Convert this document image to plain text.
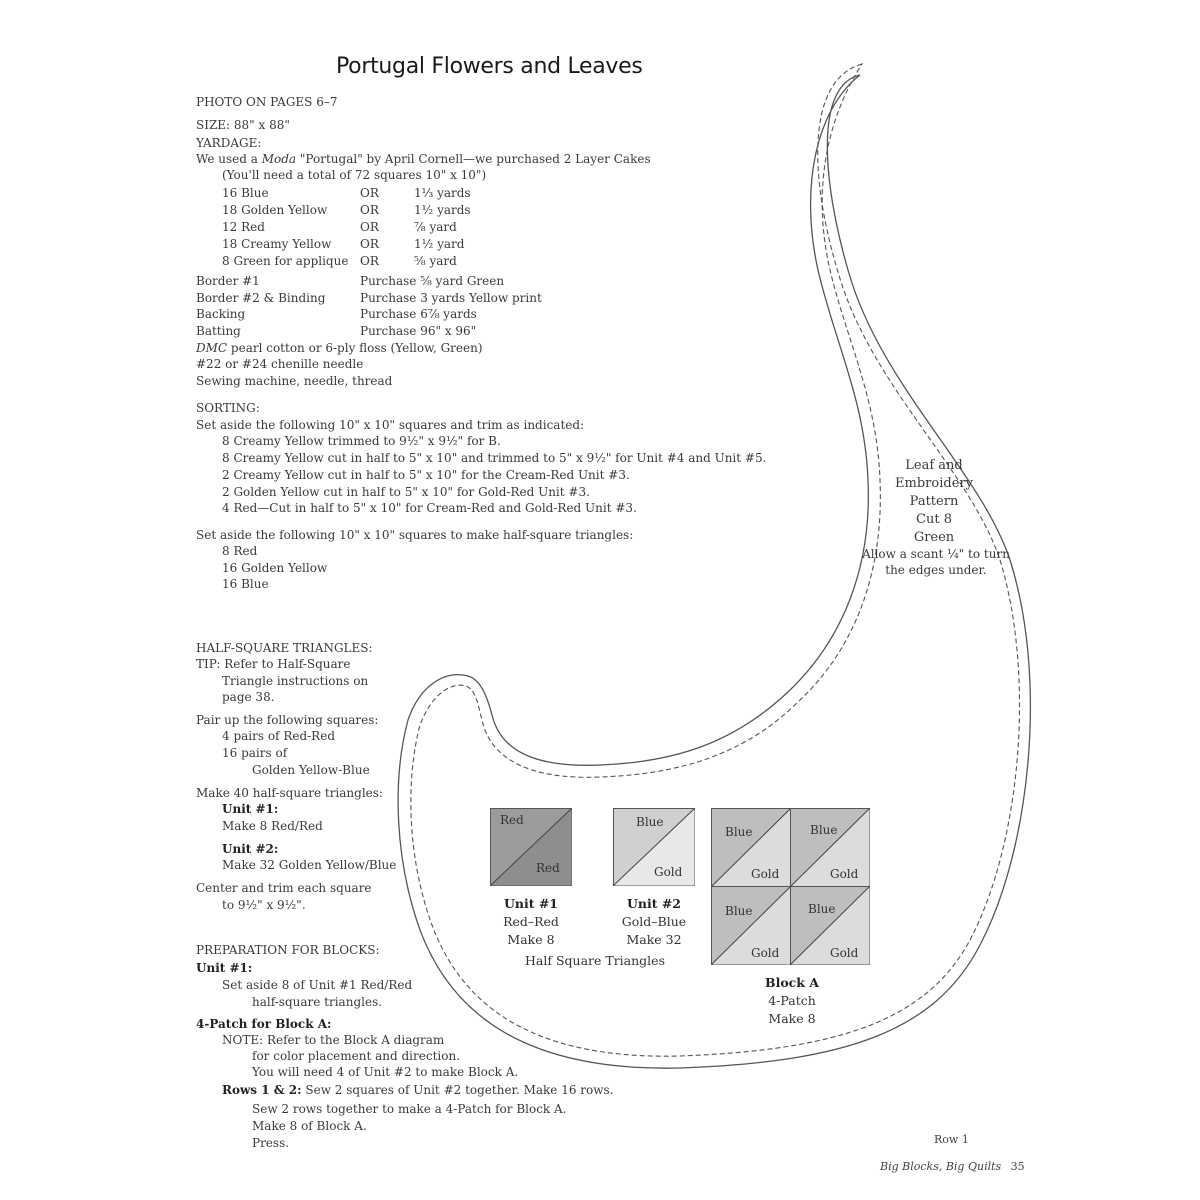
Portugal Flowers and Leaves
PHOTO ON PAGES 6–7
SIZE: 88" x 88"
YARDAGE:
We used a Moda "Portugal" by April Cornell—we purchased 2 Layer Cakes
(You'll need a total of 72 squares 10" x 10")
16 Blue	OR	1⅓ yards
18 Golden Yellow	OR	1½ yards
12 Red	OR	⅞ yard
18 Creamy Yellow OR	1½ yard
8 Green for applique OR	⅝ yard
Border #1	Purchase ⅝ yard Green
Border #2 & Binding	Purchase 3 yards Yellow print
Backing	Purchase 6⅞ yards
Batting	Purchase 96" x 96"
DMC pearl cotton or 6-ply floss (Yellow, Green)
#22 or #24 chenille needle
Sewing machine, needle, thread
SORTING:
Set aside the following 10" x 10" squares and trim as indicated:
8 Creamy Yellow trimmed to 9½" x 9½" for B.
8 Creamy Yellow cut in half to 5" x 10" and trimmed to 5" x 9½" for Unit #4 and Unit #5.
2 Creamy Yellow cut in half to 5" x 10" for the Cream-Red Unit #3.
2 Golden Yellow cut in half to 5" x 10" for Gold-Red Unit #3.
4 Red—Cut in half to 5" x 10" for Cream-Red and Gold-Red Unit #3.
Set aside the following 10" x 10" squares to make half-square triangles:
8 Red
16 Golden Yellow
16 Blue
Leaf and Embroidery
Pattern
Cut 8
Green
Allow a scant ¼" to turn
the edges under.
HALF-SQUARE TRIANGLES:
TIP: Refer to Half-Square
Triangle instructions on
page 38.
Pair up the following squares:
4 pairs of Red-Red
16 pairs of
Golden Yellow-Blue
Make 40 half-square triangles:
Unit #1:
Make 8 Red/Red
Unit #2:
Make 32 Golden Yellow/Blue
Center and trim each square
to 9½" x 9½".
PREPARATION FOR BLOCKS:
Unit #1:
Set aside 8 of Unit #1 Red/Red
half-square triangles.
4-Patch for Block A:
NOTE: Refer to the Block A diagram
for color placement and direction.
You will need 4 of Unit #2 to make Block A.
Rows 1 & 2: Sew 2 squares of Unit #2 together. Make 16 rows.
Sew 2 rows together to make a 4-Patch for Block A.
Make 8 of Block A.
Press.
Red
Red
Unit #1
Red–Red
Make 8
Blue
Gold
Unit #2
Gold–Blue
Make 32
Half Square Triangles
Blue
Gold
Blue
Gold
Blue
Gold
Blue
Gold
Block A
4-Patch
Make 8
Row 1
Big Blocks, Big Quilts 35
